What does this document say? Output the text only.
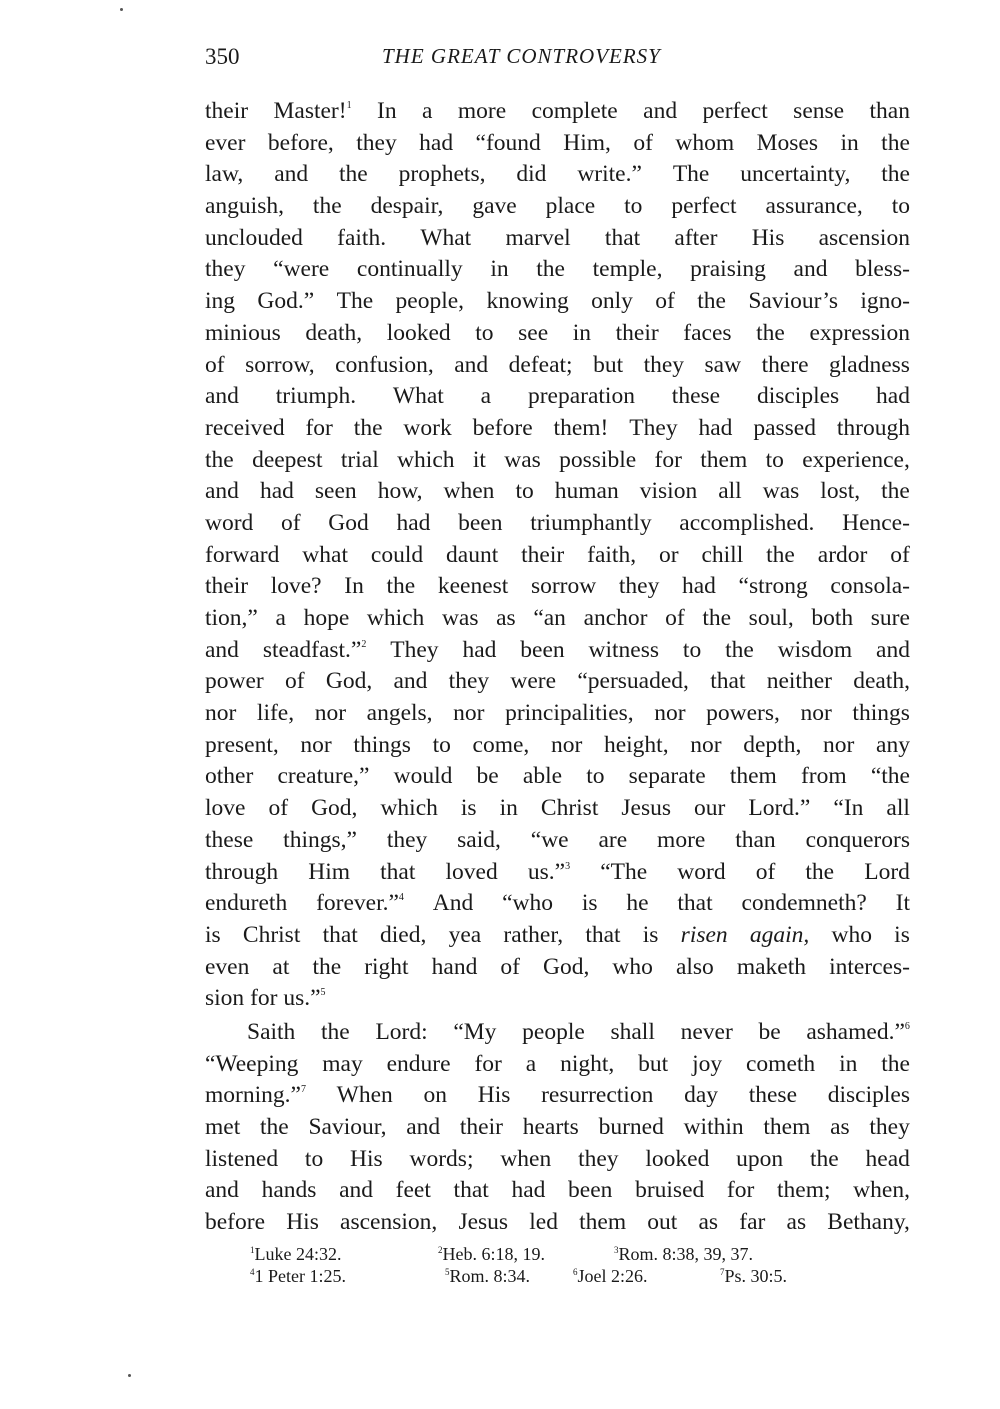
350	THE GREAT CONTROVERSY
their Master!$^1$ In a more complete and perfect sense than
ever before, they had “found Him, of whom Moses in the
law, and the prophets, did write.” The uncertainty, the
anguish, the despair, gave place to perfect assurance, to
unclouded faith. What marvel that after His ascension
they “were continually in the temple, praising and bless-
ing God.” The people, knowing only of the Saviour’s igno-
minious death, looked to see in their faces the expression
of sorrow, confusion, and defeat; but they saw there gladness
and triumph. What a preparation these disciples had
received for the work before them! They had passed through
the deepest trial which it was possible for them to experience,
and had seen how, when to human vision all was lost, the
word of God had been triumphantly accomplished. Hence-
forward what could daunt their faith, or chill the ardor of
their love? In the keenest sorrow they had “strong consola-
tion,” a hope which was as “an anchor of the soul, both sure
and steadfast.”$^2$ They had been witness to the wisdom and
power of God, and they were “persuaded, that neither death,
nor life, nor angels, nor principalities, nor powers, nor things
present, nor things to come, nor height, nor depth, nor any
other creature,” would be able to separate them from “the
love of God, which is in Christ Jesus our Lord.” “In all
these things,” they said, “we are more than conquerors
through Him that loved us.”$^3$ “The word of the Lord
endureth forever.”$^4$ And “who is he that condemneth? It
is Christ that died, yea rather, that is risen again, who is
even at the right hand of God, who also maketh interces-
sion for us.”$^5$
Saith the Lord: “My people shall never be ashamed.”$^6$
“Weeping may endure for a night, but joy cometh in the
morning.”$^7$ When on His resurrection day these disciples
met the Saviour, and their hearts burned within them as they
listened to His words; when they looked upon the head
and hands and feet that had been bruised for them; when,
before His ascension, Jesus led them out as far as Bethany,
$^1$Luke 24:32.	$^2$Heb. 6:18, 19.	$^3$Rom. 8:38, 39, 37.
$^4$1 Peter 1:25.	$^5$Rom. 8:34.	$^6$Joel 2:26.	$^7$Ps. 30:5.
